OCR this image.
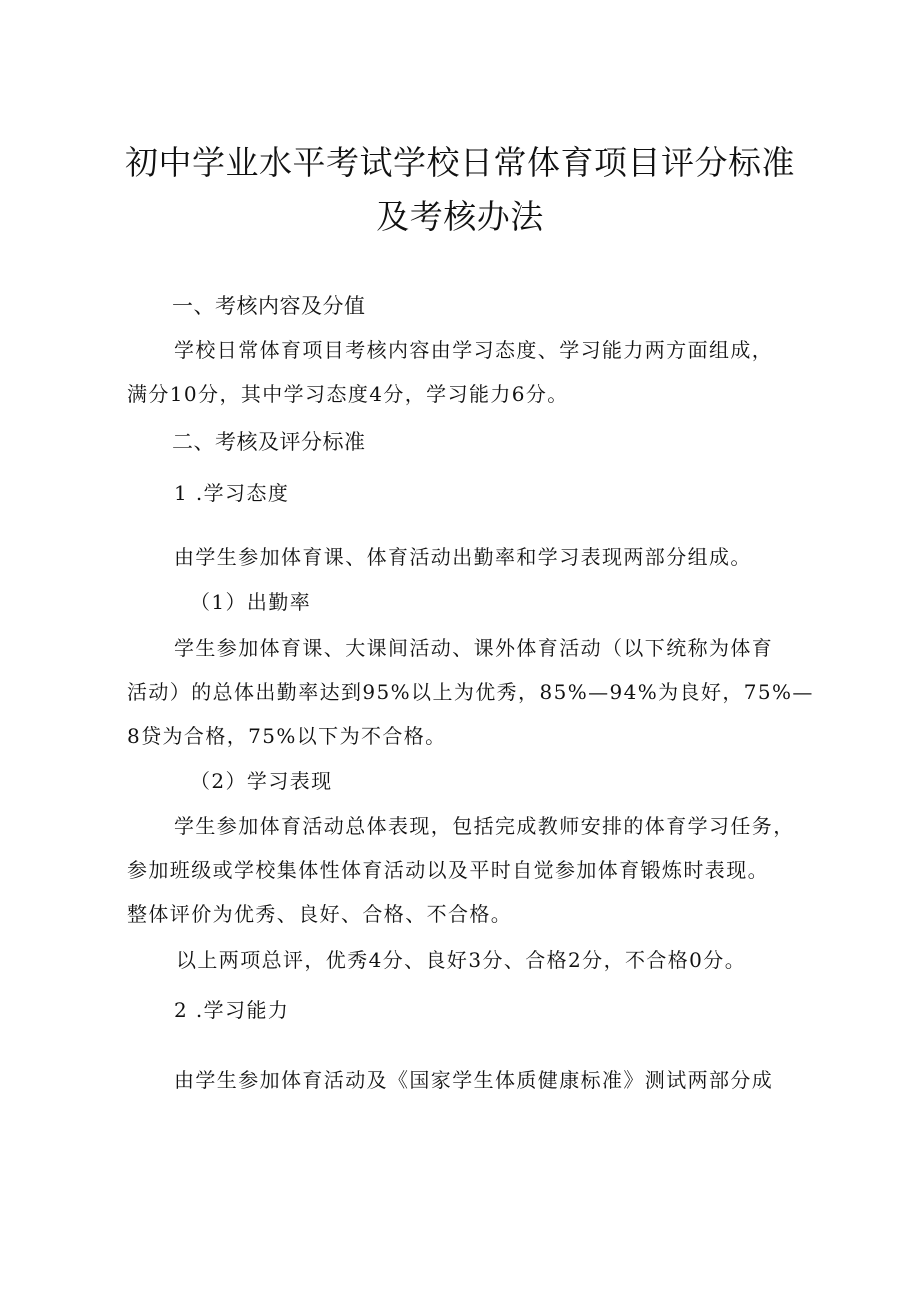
初中学业水平考试学校日常体育项目评分标准
及考核办法
一、考核内容及分值
学校日常体育项目考核内容由学习态度、学习能力两方面组成，
满分10分，其中学习态度4分，学习能力6分。
二、考核及评分标准
1 .学习态度
由学生参加体育课、体育活动出勤率和学习表现两部分组成。
（1）出勤率
学生参加体育课、大课间活动、课外体育活动（以下统称为体育
活动）的总体出勤率达到95%以上为优秀，85%—94%为良好，75%—
8贷为合格，75%以下为不合格。
（2）学习表现
学生参加体育活动总体表现，包括完成教师安排的体育学习任务，
参加班级或学校集体性体育活动以及平时自觉参加体育锻炼时表现。
整体评价为优秀、良好、合格、不合格。
以上两项总评，优秀4分、良好3分、合格2分，不合格0分。
2 .学习能力
由学生参加体育活动及《国家学生体质健康标准》测试两部分成
